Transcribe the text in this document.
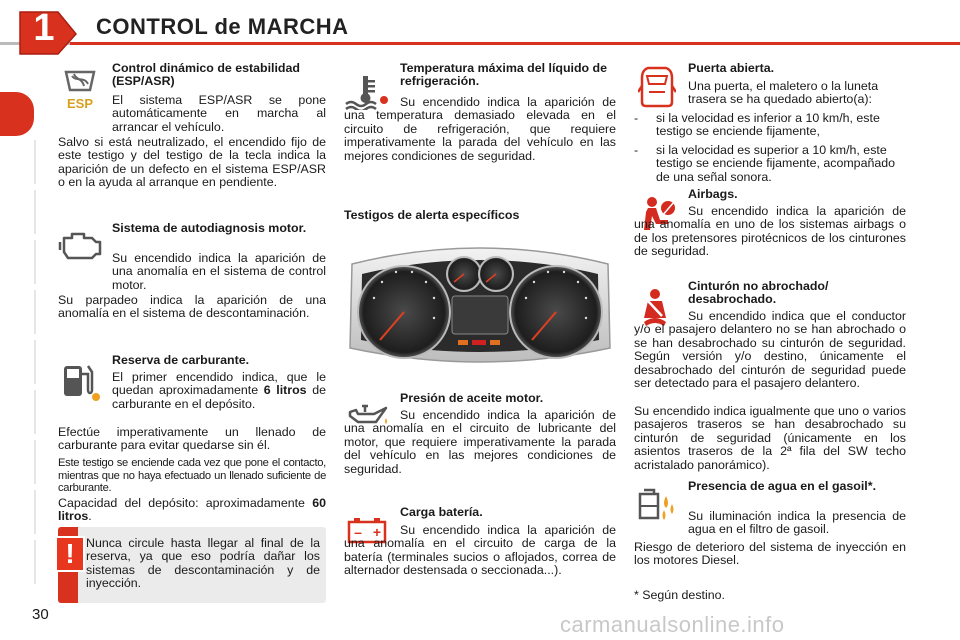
1	CONTROL de MARCHA
ESP
Control dinámico de estabilidad (ESP/ASR)
El sistema ESP/ASR se pone automáticamente en marcha al arrancar el vehículo.
Salvo si está neutralizado, el encendido fijo de este testigo y del testigo de la tecla indica la aparición de un defecto en el sistema ESP/ASR o en la ayuda al arranque en pendiente.
Sistema de autodiagnosis motor.
Su encendido indica la aparición de una anomalía en el sistema de control motor.
Su parpadeo indica la aparición de una anomalía en el sistema de descontaminación.
Reserva de carburante.
El primer encendido indica, que le quedan aproximadamente 6 litros de carburante en el depósito.
Efectúe imperativamente un llenado de carburante para evitar quedarse sin él.
Este testigo se enciende cada vez que pone el contacto, mientras que no haya efectuado un llenado suficiente de carburante.
Capacidad del depósito: aproximadamente 60 litros.
! Nunca circule hasta llegar al final de la reserva, ya que eso podría dañar los sistemas de descontaminación y de inyección.
30
Temperatura máxima del líquido de refrigeración.
Su encendido indica la aparición de una temperatura demasiado elevada en el circuito de refrigeración, que requiere imperativamente la parada del vehículo en las mejores condiciones de seguridad.
Testigos de alerta específicos
Presión de aceite motor.
Su encendido indica la aparición de una anomalía en el circuito de lubricante del motor, que requiere imperativamente la parada del vehículo en las mejores condiciones de seguridad.
– +
Carga batería.
Su encendido indica la aparición de una anomalía en el circuito de carga de la batería (terminales sucios o aflojados, correa de alternador destensada o seccionada...).
Puerta abierta.
Una puerta, el maletero o la luneta trasera se ha quedado abierto(a):
- si la velocidad es inferior a 10 km/h, este testigo se enciende fijamente,
- si la velocidad es superior a 10 km/h, este testigo se enciende fijamente, acompañado de una señal sonora.
Airbags.
Su encendido indica la aparición de una anomalía en uno de los sistemas airbags o de los pretensores pirotécnicos de los cinturones de seguridad.
Cinturón no abrochado/ desabrochado.
Su encendido indica que el conductor y/o el pasajero delantero no se han abrochado o se han desabrochado su cinturón de seguridad. Según versión y/o destino, únicamente el desabrochado del cinturón de seguridad puede ser detectado para el pasajero delantero.
Su encendido indica igualmente que uno o varios pasajeros traseros se han desabrochado su cinturón de seguridad (únicamente en los asientos traseros de la 2ª fila del SW techo acristalado panorámico).
Presencia de agua en el gasoil*.
Su iluminación indica la presencia de agua en el filtro de gasoil.
Riesgo de deterioro del sistema de inyección en los motores Diesel.
* Según destino.
carmanualsonline.info
